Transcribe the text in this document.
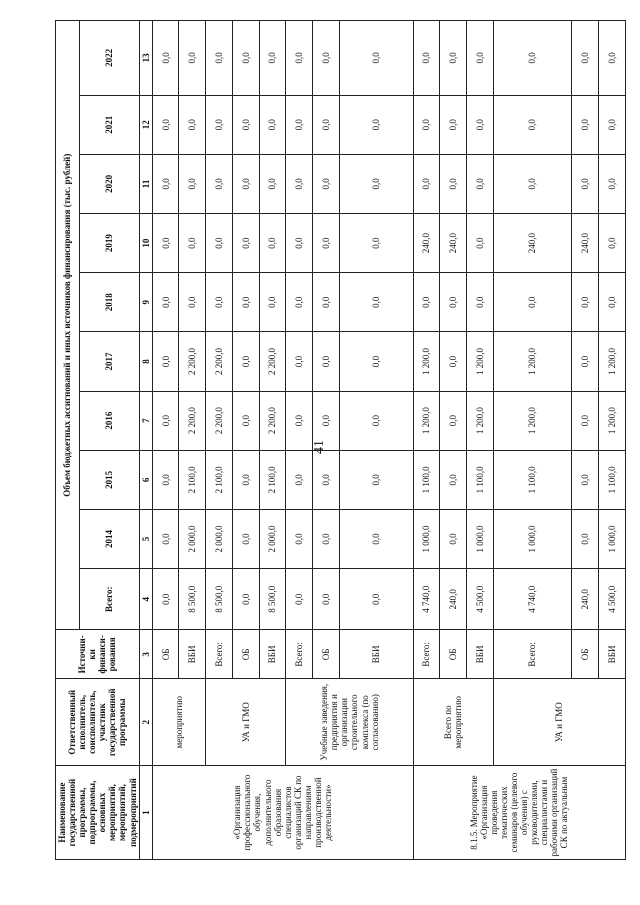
41
Наименование государственной программы, подпрограммы, основных мероприятий, мероприятий, подмероприятий	Ответственный исполнитель, соисполнитель, участник государственной программы	Источни-ки финанси-рования	Объем бюджетных ассигнований и иных источников финансирования (тыс. рублей)									
			Всего:	2014	2015	2016	2017	2018	2019	2020	2021	2022
1	2	3	4	5	6	7	8	9	10	11	12	13
«Организация профессионального обучения, дополнительного образования специалистов организаций СК по направлениям производственной деятельности»	мероприятию	ОБ	0,0	0,0	0,0	0,0	0,0	0,0	0,0	0,0	0,0	0,0
		ВБИ	8 500,0	2 000,0	2 100,0	2 200,0	2 200,0	0,0	0,0	0,0	0,0	0,0
	УА и ГМО	Всего:	8 500,0	2 000,0	2 100,0	2 200,0	2 200,0	0,0	0,0	0,0	0,0	0,0
		ОБ	0,0	0,0	0,0	0,0	0,0	0,0	0,0	0,0	0,0	0,0
		ВБИ	8 500,0	2 000,0	2 100,0	2 200,0	2 200,0	0,0	0,0	0,0	0,0	0,0
	Учебные заведения, предприятия и организации строительного комплекса (по согласованию)	Всего:	0,0	0,0	0,0	0,0	0,0	0,0	0,0	0,0	0,0	0,0
		ОБ	0,0	0,0	0,0	0,0	0,0	0,0	0,0	0,0	0,0	0,0
		ВБИ	0,0	0,0	0,0	0,0	0,0	0,0	0,0	0,0	0,0	0,0
8.1.5. Мероприятие «Организация проведения тематических семинаров (целевого обучения) с руководителями, специалистами и рабочими организаций СК по актуальным	Всего по мероприятию	Всего:	4 740,0	1 000,0	1 100,0	1 200,0	1 200,0	0,0	240,0	0,0	0,0	0,0
		ОБ	240,0	0,0	0,0	0,0	0,0	0,0	240,0	0,0	0,0	0,0
		ВБИ	4 500,0	1 000,0	1 100,0	1 200,0	1 200,0	0,0	0,0	0,0	0,0	0,0
	УА и ГМО	Всего:	4 740,0	1 000,0	1 100,0	1 200,0	1 200,0	0,0	240,0	0,0	0,0	0,0
		ОБ	240,0	0,0	0,0	0,0	0,0	0,0	240,0	0,0	0,0	0,0
		ВБИ	4 500,0	1 000,0	1 100,0	1 200,0	1 200,0	0,0	0,0	0,0	0,0	0,0
